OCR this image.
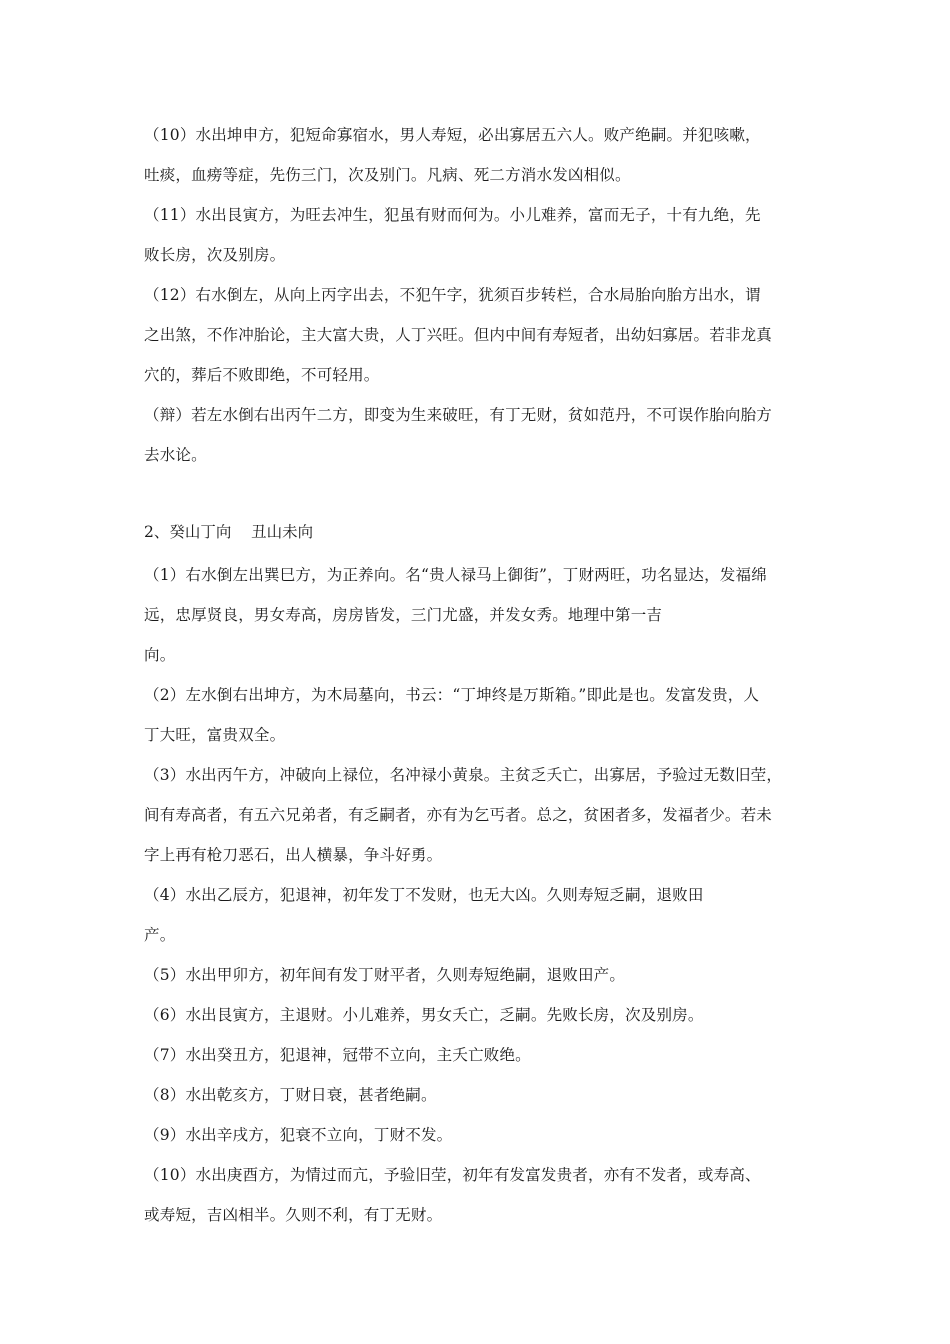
（10）水出坤申方，犯短命寡宿水，男人寿短，必出寡居五六人。败产绝嗣。并犯咳嗽，
吐痰，血痨等症，先伤三门，次及别门。凡病、死二方消水发凶相似。

（11）水出艮寅方，为旺去冲生，犯虽有财而何为。小儿难养，富而无子，十有九绝，先
败长房，次及别房。

（12）右水倒左，从向上丙字出去，不犯午字，犹须百步转栏，合水局胎向胎方出水，谓
之出煞，不作冲胎论，主大富大贵，人丁兴旺。但内中间有寿短者，出幼妇寡居。若非龙真
穴的，葬后不败即绝，不可轻用。

（辩）若左水倒右出丙午二方，即变为生来破旺，有丁无财，贫如范丹，不可误作胎向胎方
去水论。

2、癸山丁向    丑山未向

（1）右水倒左出巽巳方，为正养向。名“贵人禄马上御街”，丁财两旺，功名显达，发福绵
远，忠厚贤良，男女寿高，房房皆发，三门尤盛，并发女秀。地理中第一吉
向。

（2）左水倒右出坤方，为木局墓向，书云：“丁坤终是万斯箱。”即此是也。发富发贵，人
丁大旺，富贵双全。

（3）水出丙午方，冲破向上禄位，名冲禄小黄泉。主贫乏夭亡，出寡居，予验过无数旧茔，
间有寿高者，有五六兄弟者，有乏嗣者，亦有为乞丐者。总之，贫困者多，发福者少。若未
字上再有枪刀恶石，出人横暴，争斗好勇。

（4）水出乙辰方，犯退神，初年发丁不发财，也无大凶。久则寿短乏嗣，退败田
产。

（5）水出甲卯方，初年间有发丁财平者，久则寿短绝嗣，退败田产。

（6）水出艮寅方，主退财。小儿难养，男女夭亡，乏嗣。先败长房，次及别房。

（7）水出癸丑方，犯退神，冠带不立向，主夭亡败绝。

（8）水出乾亥方，丁财日衰，甚者绝嗣。

（9）水出辛戌方，犯衰不立向，丁财不发。

（10）水出庚酉方，为情过而亢，予验旧茔，初年有发富发贵者，亦有不发者，或寿高、
或寿短，吉凶相半。久则不利，有丁无财。
